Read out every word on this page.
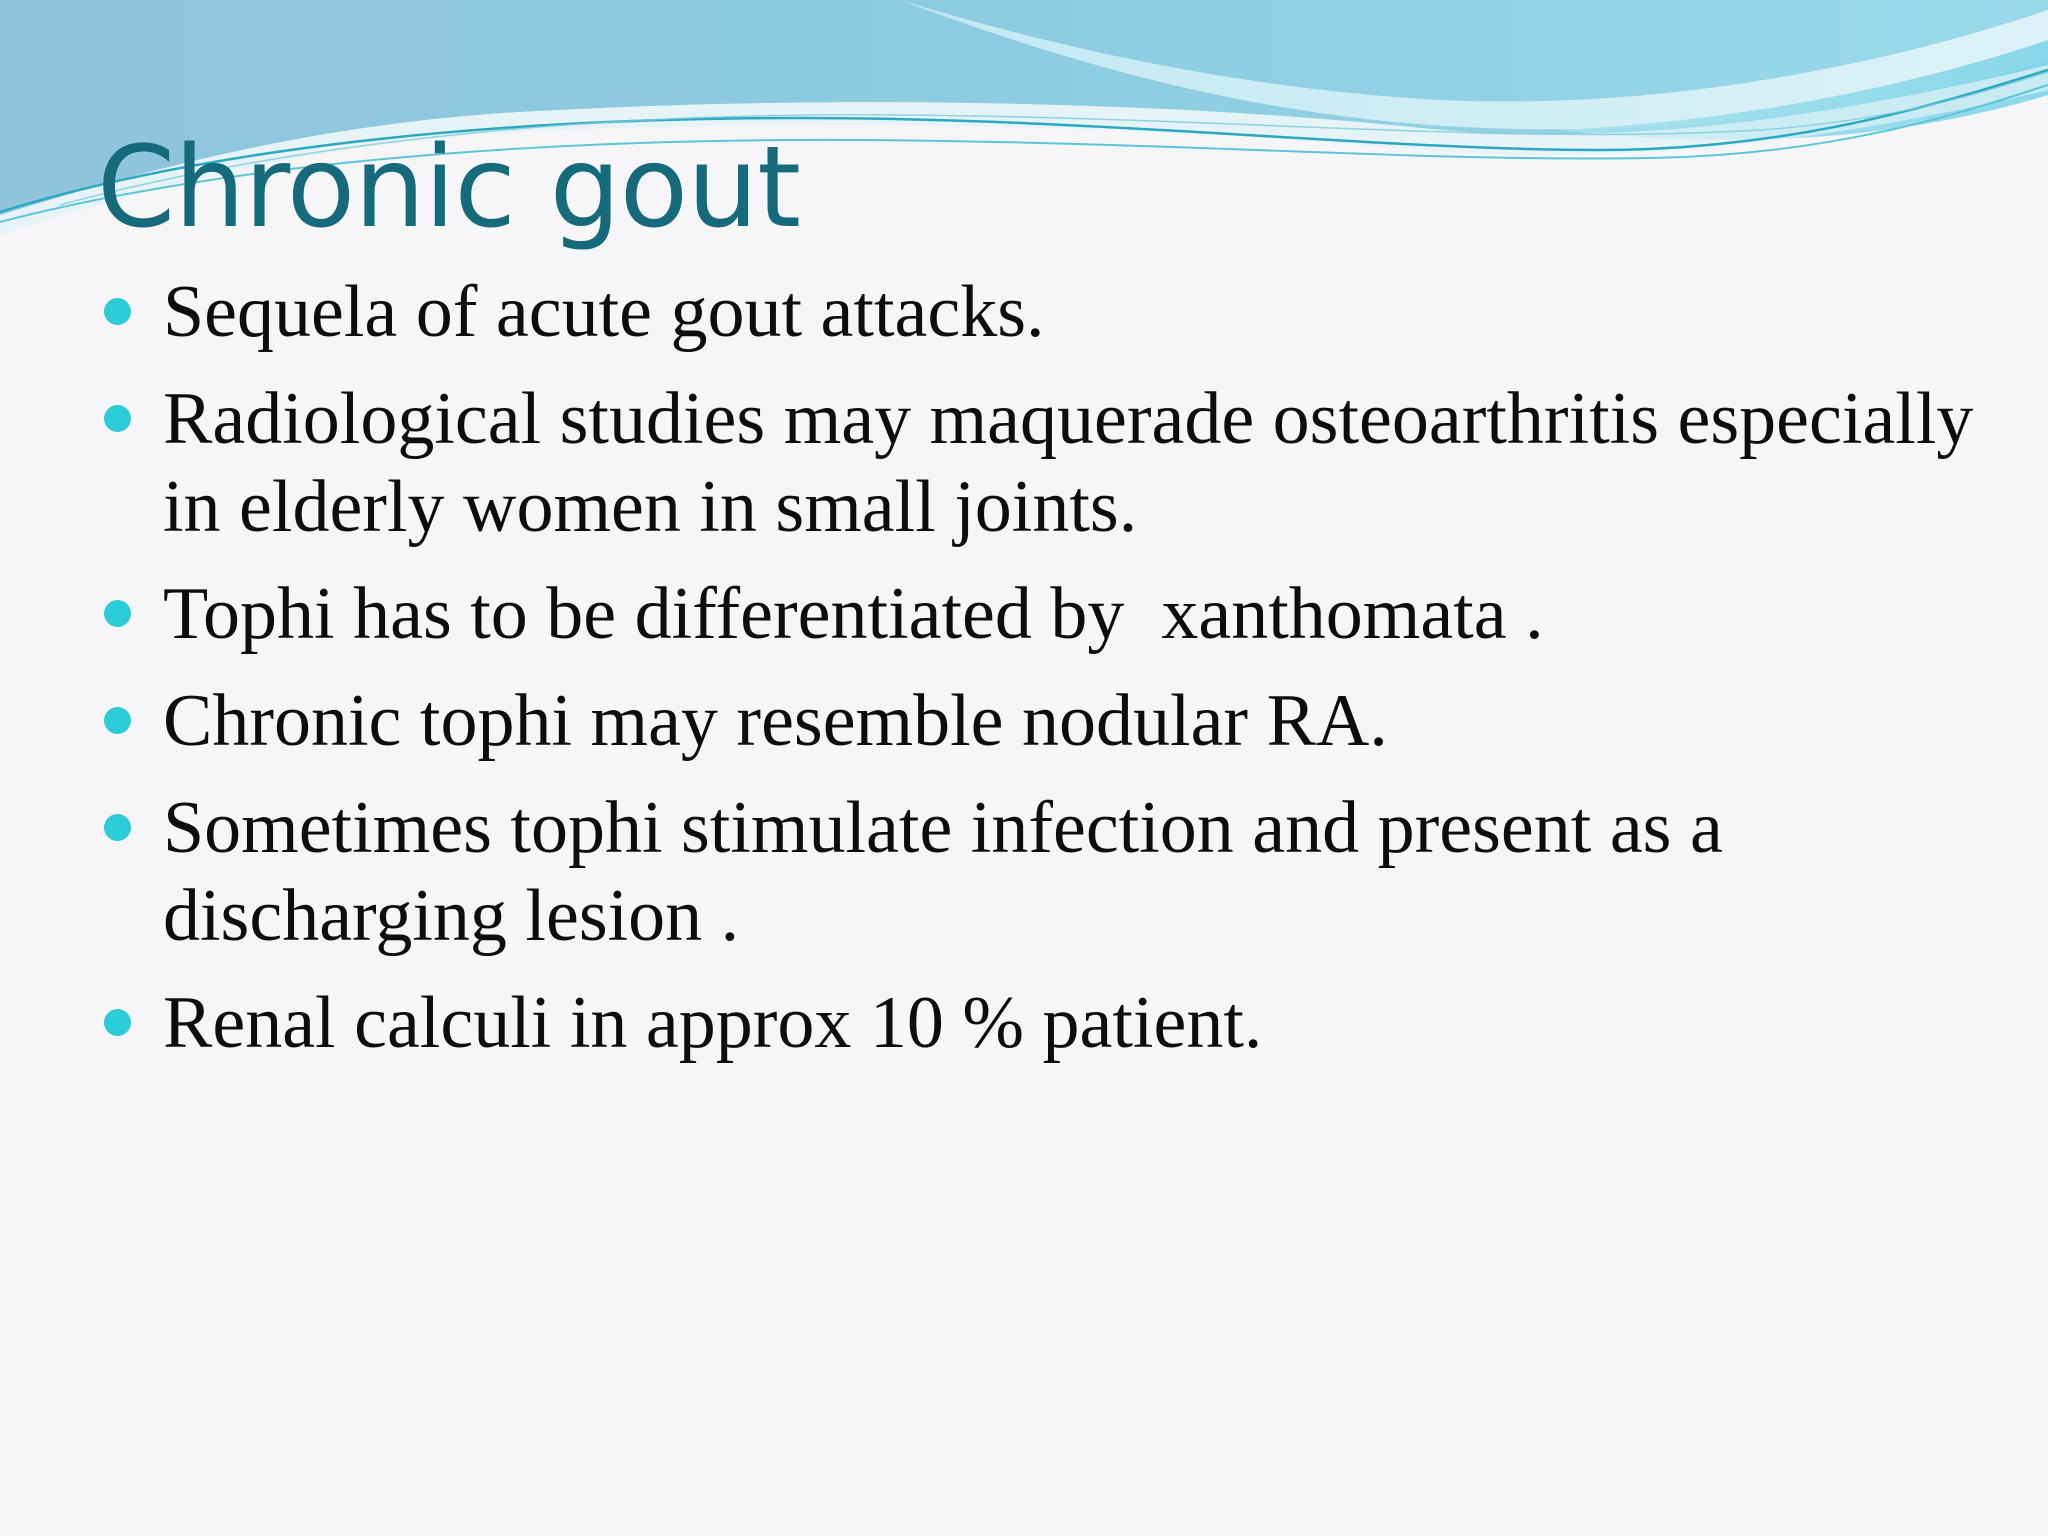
Chronic gout
Sequela of acute gout attacks.
Radiological studies may maquerade osteoarthritis especially in elderly women in small joints.
Tophi has to be differentiated by  xanthomata .
Chronic tophi may resemble nodular RA.
Sometimes tophi stimulate infection and present as a discharging lesion .
Renal calculi in approx 10 % patient.
